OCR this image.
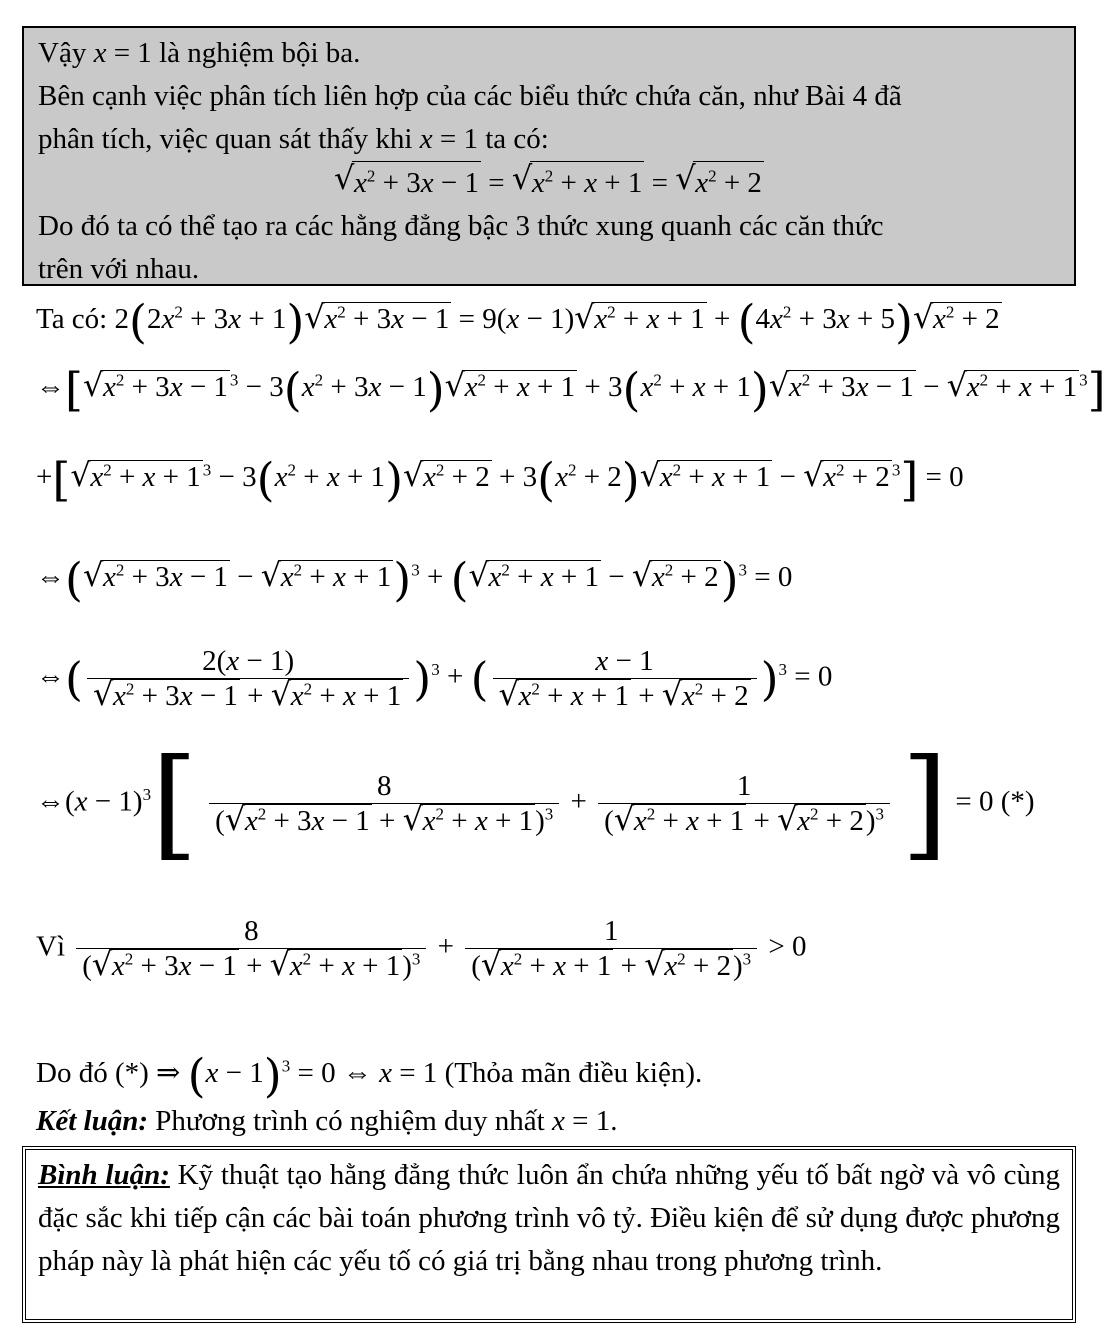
Vậy x = 1 là nghiệm bội ba.
Bên cạnh việc phân tích liên hợp của các biểu thức chứa căn, như Bài 4 đã
phân tích, việc quan sát thấy khi x = 1 ta có:
√ $x^2 + 3x - 1$ = √ $x^2 + x + 1$ = √ $x^2 + 2$
Do đó ta có thể tạo ra các hằng đẳng bậc 3 thức xung quanh các căn thức
trên với nhau.
Ta có: $2(2x^2 + 3x + 1)√$ $x^2 + 3x - 1 = 9(x - 1)√$ $x^2 + x + 1 + (4x^2 + 3x + 5)√$ $x^2 + 2$
⇔[√ $x^2 + 3x - 1$ $^3 - 3(x^2 + 3x - 1)√$ $x^2 + x + 1 + 3(x^2 + x + 1)√$ $x^2 + 3x - 1$ − √ $x^2 + x + 1$ $^3$]
+[√ $x^2 + x + 1$ $^3 - 3(x^2 + x + 1)√$ $x^2 + 2 + 3(x^2 + 2)√$ $x^2 + x + 1$ − √ $x^2 + 2$ $^3$] = 0
⇔(√ $x^2 + 3x - 1$ − √ $x^2 + x + 1)^3$ + (√ $x^2 + x + 1$ − √ $x^2 + 2)^3 = 0$
⇔( 2(x − 1)
√ $x^2 + 3x - 1$ + √ $x^2 + x + 1$ )$^3$ + ( x − 1
√ $x^2 + x + 1$ + √ $x^2 + 2$ )$^3$ = 0
⇔(x − $1)^3[ \frac{8}{(√ x^2 + 3x - 1 + √ x^2 + x + 1)^3} + \frac{1}{(√ x^2 + x + 1 + √ x^2 + 2)^3}$ ] = 0 (*)
Vì $\frac{8}{(√ x^2 + 3x - 1 + √ x^2 + x + 1)^3} + \frac{1}{(√ x^2 + x + 1 + √ x^2 + 2)^3} > 0$
Do đó (*) ⇒ $(x - 1)^3 = 0$ ⇔ x = 1 (Thỏa mãn điều kiện).
Kết luận: Phương trình có nghiệm duy nhất x = 1.
Bình luận: Kỹ thuật tạo hằng đẳng thức luôn ẩn chứa những yếu tố bất ngờ và vô cùng đặc sắc khi tiếp cận các bài toán phương trình vô tỷ. Điều kiện để sử dụng được phương pháp này là phát hiện các yếu tố có giá trị bằng nhau trong phương trình.
